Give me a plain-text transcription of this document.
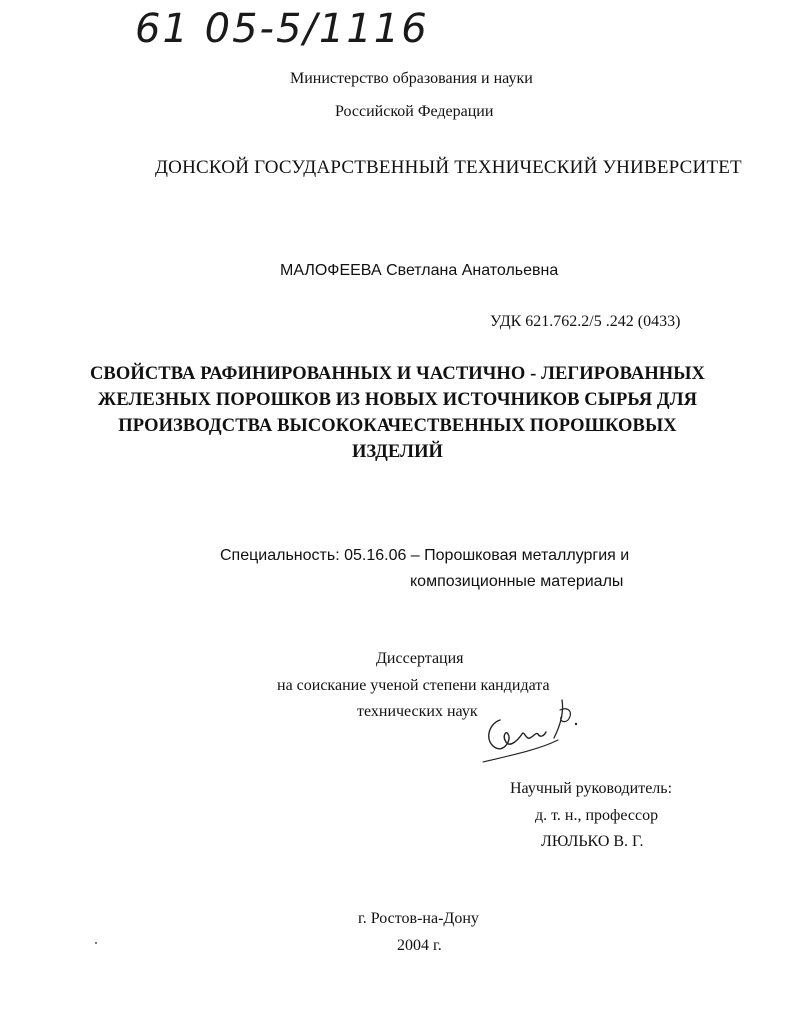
61 05-5/1116
Министерство образования и науки
Российской Федерации
ДОНСКОЙ ГОСУДАРСТВЕННЫЙ ТЕХНИЧЕСКИЙ УНИВЕРСИТЕТ
МАЛОФЕЕВА Светлана Анатольевна
УДК 621.762.2/5 .242 (0433)
СВОЙСТВА РАФИНИРОВАННЫХ И ЧАСТИЧНО - ЛЕГИРОВАННЫХ
ЖЕЛЕЗНЫХ ПОРОШКОВ ИЗ НОВЫХ ИСТОЧНИКОВ СЫРЬЯ ДЛЯ
ПРОИЗВОДСТВА ВЫСОКОКАЧЕСТВЕННЫХ ПОРОШКОВЫХ
ИЗДЕЛИЙ
Специальность: 05.16.06 – Порошковая металлургия и
композиционные материалы
Диссертация
на соискание ученой степени кандидата
технических наук
Научный руководитель:
д. т. н., профессор
ЛЮЛЬКО В. Г.
г. Ростов-на-Дону
2004 г.
